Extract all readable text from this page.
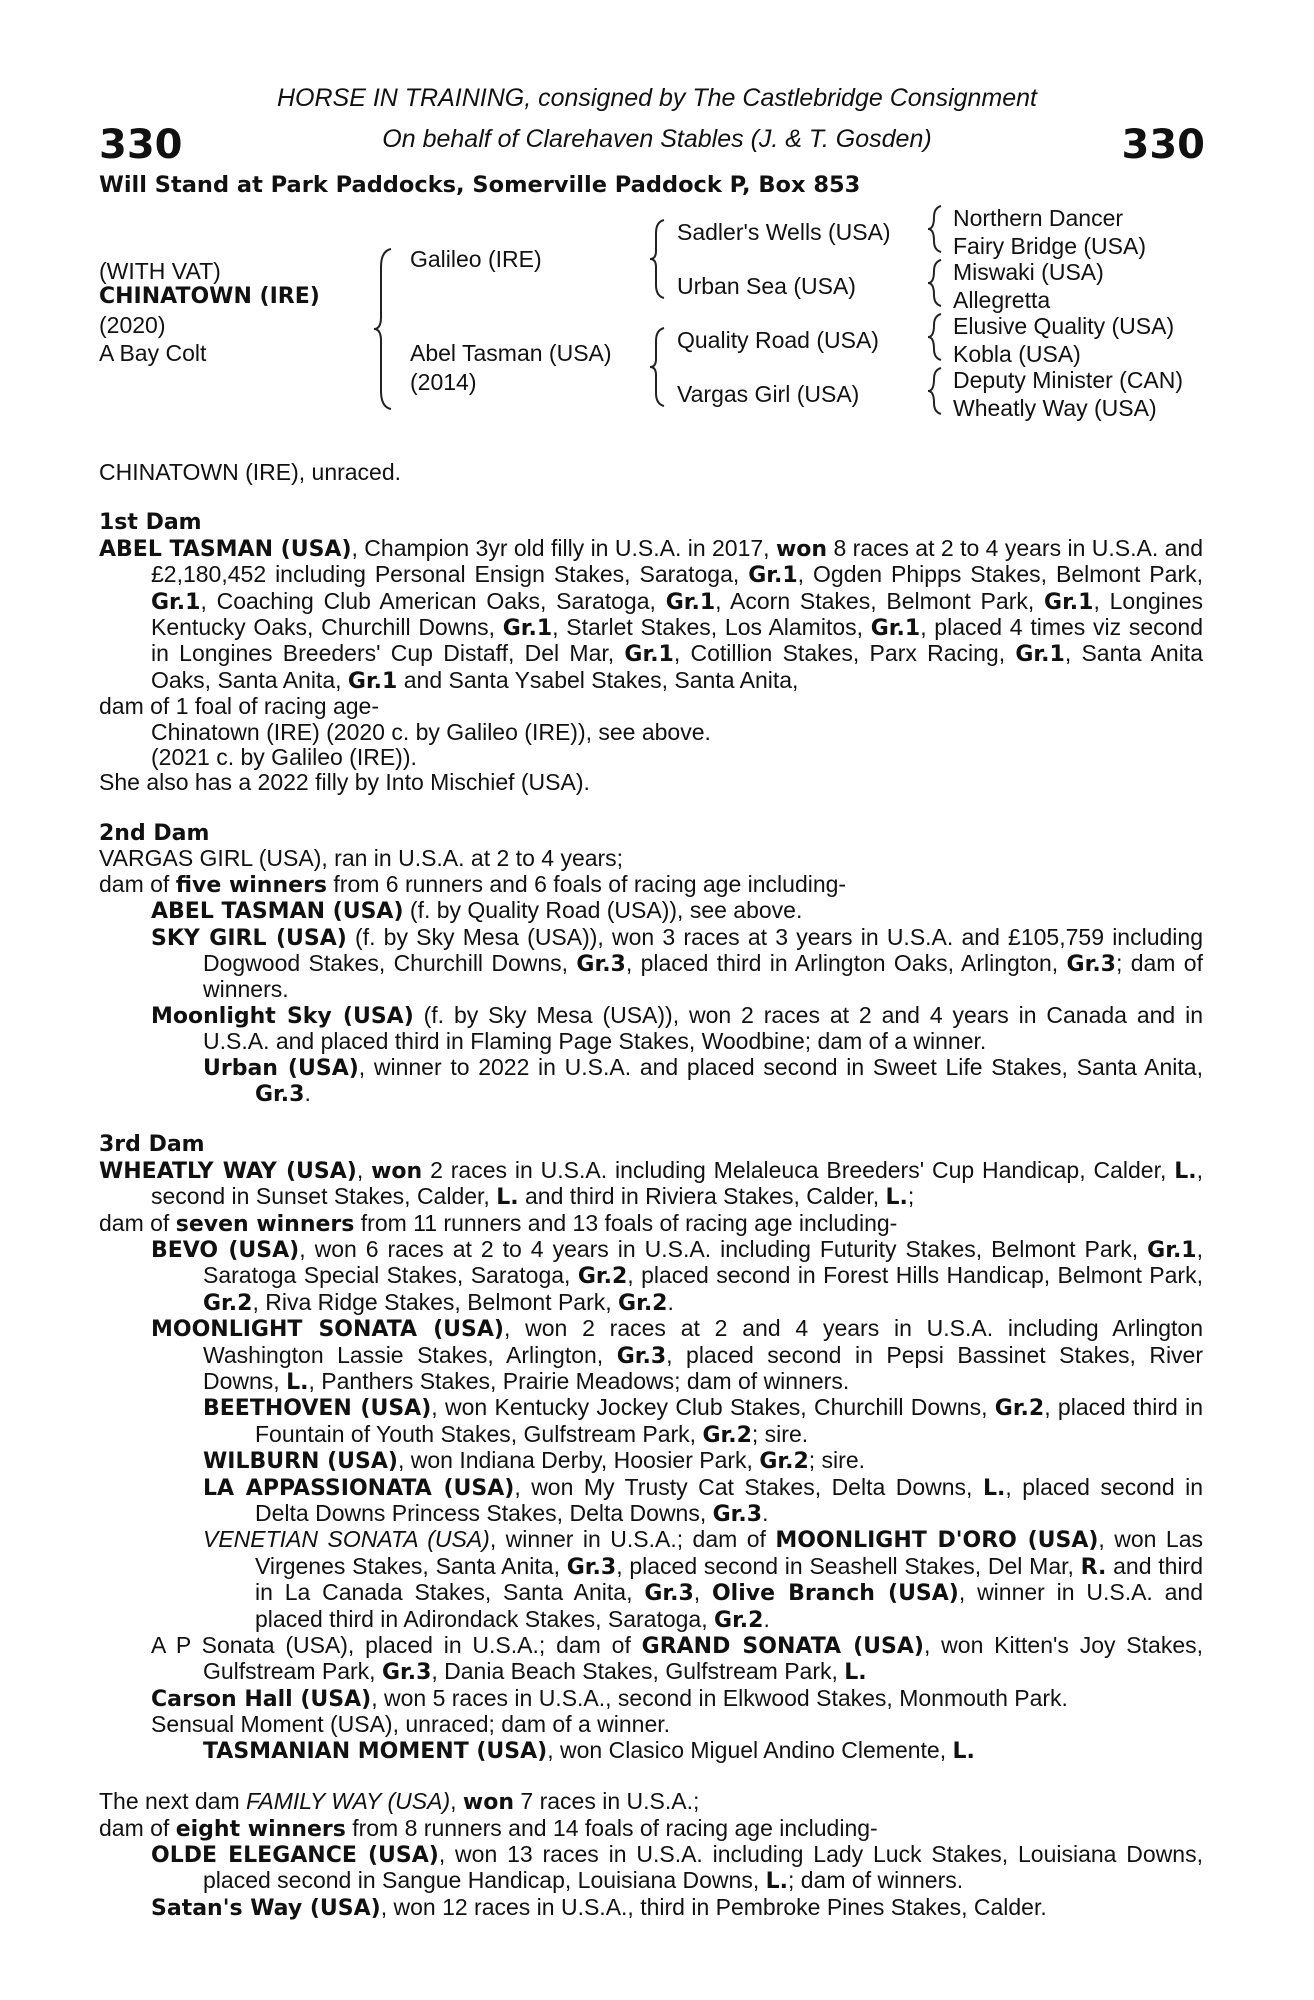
330	330
HORSE IN TRAINING, consigned by The Castlebridge Consignment
On behalf of Clarehaven Stables (J. & T. Gosden)
Will Stand at Park Paddocks, Somerville Paddock P, Box 853
(WITH VAT)
CHINATOWN (IRE)
(2020)
A Bay Colt
Galileo (IRE)
Abel Tasman (USA)
(2014)
Sadler's Wells (USA)
Urban Sea (USA)
Quality Road (USA)
Vargas Girl (USA)
Northern Dancer
Fairy Bridge (USA)
Miswaki (USA)
Allegretta
Elusive Quality (USA)
Kobla (USA)
Deputy Minister (CAN)
Wheatly Way (USA)

CHINATOWN (IRE), unraced.

1st Dam

ABEL TASMAN (USA), Champion 3yr old filly in U.S.A. in 2017, won 8 races at 2 to 4 years in U.S.A. and £2,180,452 including Personal Ensign Stakes, Saratoga, Gr.1, Ogden Phipps Stakes, Belmont Park, Gr.1, Coaching Club American Oaks, Saratoga, Gr.1, Acorn Stakes, Belmont Park, Gr.1, Longines Kentucky Oaks, Churchill Downs, Gr.1, Starlet Stakes, Los Alamitos, Gr.1, placed 4 times viz second in Longines Breeders' Cup Distaff, Del Mar, Gr.1, Cotillion Stakes, Parx Racing, Gr.1, Santa Anita Oaks, Santa Anita, Gr.1 and Santa Ysabel Stakes, Santa Anita,

dam of 1 foal of racing age-

Chinatown (IRE) (2020 c. by Galileo (IRE)), see above.

(2021 c. by Galileo (IRE)).

She also has a 2022 filly by Into Mischief (USA).

2nd Dam

VARGAS GIRL (USA), ran in U.S.A. at 2 to 4 years;

dam of five winners from 6 runners and 6 foals of racing age including-

ABEL TASMAN (USA) (f. by Quality Road (USA)), see above.

SKY GIRL (USA) (f. by Sky Mesa (USA)), won 3 races at 3 years in U.S.A. and £105,759 including Dogwood Stakes, Churchill Downs, Gr.3, placed third in Arlington Oaks, Arlington, Gr.3; dam of winners.

Moonlight Sky (USA) (f. by Sky Mesa (USA)), won 2 races at 2 and 4 years in Canada and in U.S.A. and placed third in Flaming Page Stakes, Woodbine; dam of a winner.

Urban (USA), winner to 2022 in U.S.A. and placed second in Sweet Life Stakes, Santa Anita, Gr.3.

3rd Dam

WHEATLY WAY (USA), won 2 races in U.S.A. including Melaleuca Breeders' Cup Handicap, Calder, L., second in Sunset Stakes, Calder, L. and third in Riviera Stakes, Calder, L.;

dam of seven winners from 11 runners and 13 foals of racing age including-

BEVO (USA), won 6 races at 2 to 4 years in U.S.A. including Futurity Stakes, Belmont Park, Gr.1, Saratoga Special Stakes, Saratoga, Gr.2, placed second in Forest Hills Handicap, Belmont Park, Gr.2, Riva Ridge Stakes, Belmont Park, Gr.2.

MOONLIGHT SONATA (USA), won 2 races at 2 and 4 years in U.S.A. including Arlington Washington Lassie Stakes, Arlington, Gr.3, placed second in Pepsi Bassinet Stakes, River Downs, L., Panthers Stakes, Prairie Meadows; dam of winners.

BEETHOVEN (USA), won Kentucky Jockey Club Stakes, Churchill Downs, Gr.2, placed third in Fountain of Youth Stakes, Gulfstream Park, Gr.2; sire.

WILBURN (USA), won Indiana Derby, Hoosier Park, Gr.2; sire.

LA APPASSIONATA (USA), won My Trusty Cat Stakes, Delta Downs, L., placed second in Delta Downs Princess Stakes, Delta Downs, Gr.3.

VENETIAN SONATA (USA), winner in U.S.A.; dam of MOONLIGHT D'ORO (USA), won Las Virgenes Stakes, Santa Anita, Gr.3, placed second in Seashell Stakes, Del Mar, R. and third in La Canada Stakes, Santa Anita, Gr.3, Olive Branch (USA), winner in U.S.A. and placed third in Adirondack Stakes, Saratoga, Gr.2.

A P Sonata (USA), placed in U.S.A.; dam of GRAND SONATA (USA), won Kitten's Joy Stakes, Gulfstream Park, Gr.3, Dania Beach Stakes, Gulfstream Park, L.

Carson Hall (USA), won 5 races in U.S.A., second in Elkwood Stakes, Monmouth Park.

Sensual Moment (USA), unraced; dam of a winner.

TASMANIAN MOMENT (USA), won Clasico Miguel Andino Clemente, L.

The next dam FAMILY WAY (USA), won 7 races in U.S.A.;

dam of eight winners from 8 runners and 14 foals of racing age including-

OLDE ELEGANCE (USA), won 13 races in U.S.A. including Lady Luck Stakes, Louisiana Downs, placed second in Sangue Handicap, Louisiana Downs, L.; dam of winners.

Satan's Way (USA), won 12 races in U.S.A., third in Pembroke Pines Stakes, Calder.
